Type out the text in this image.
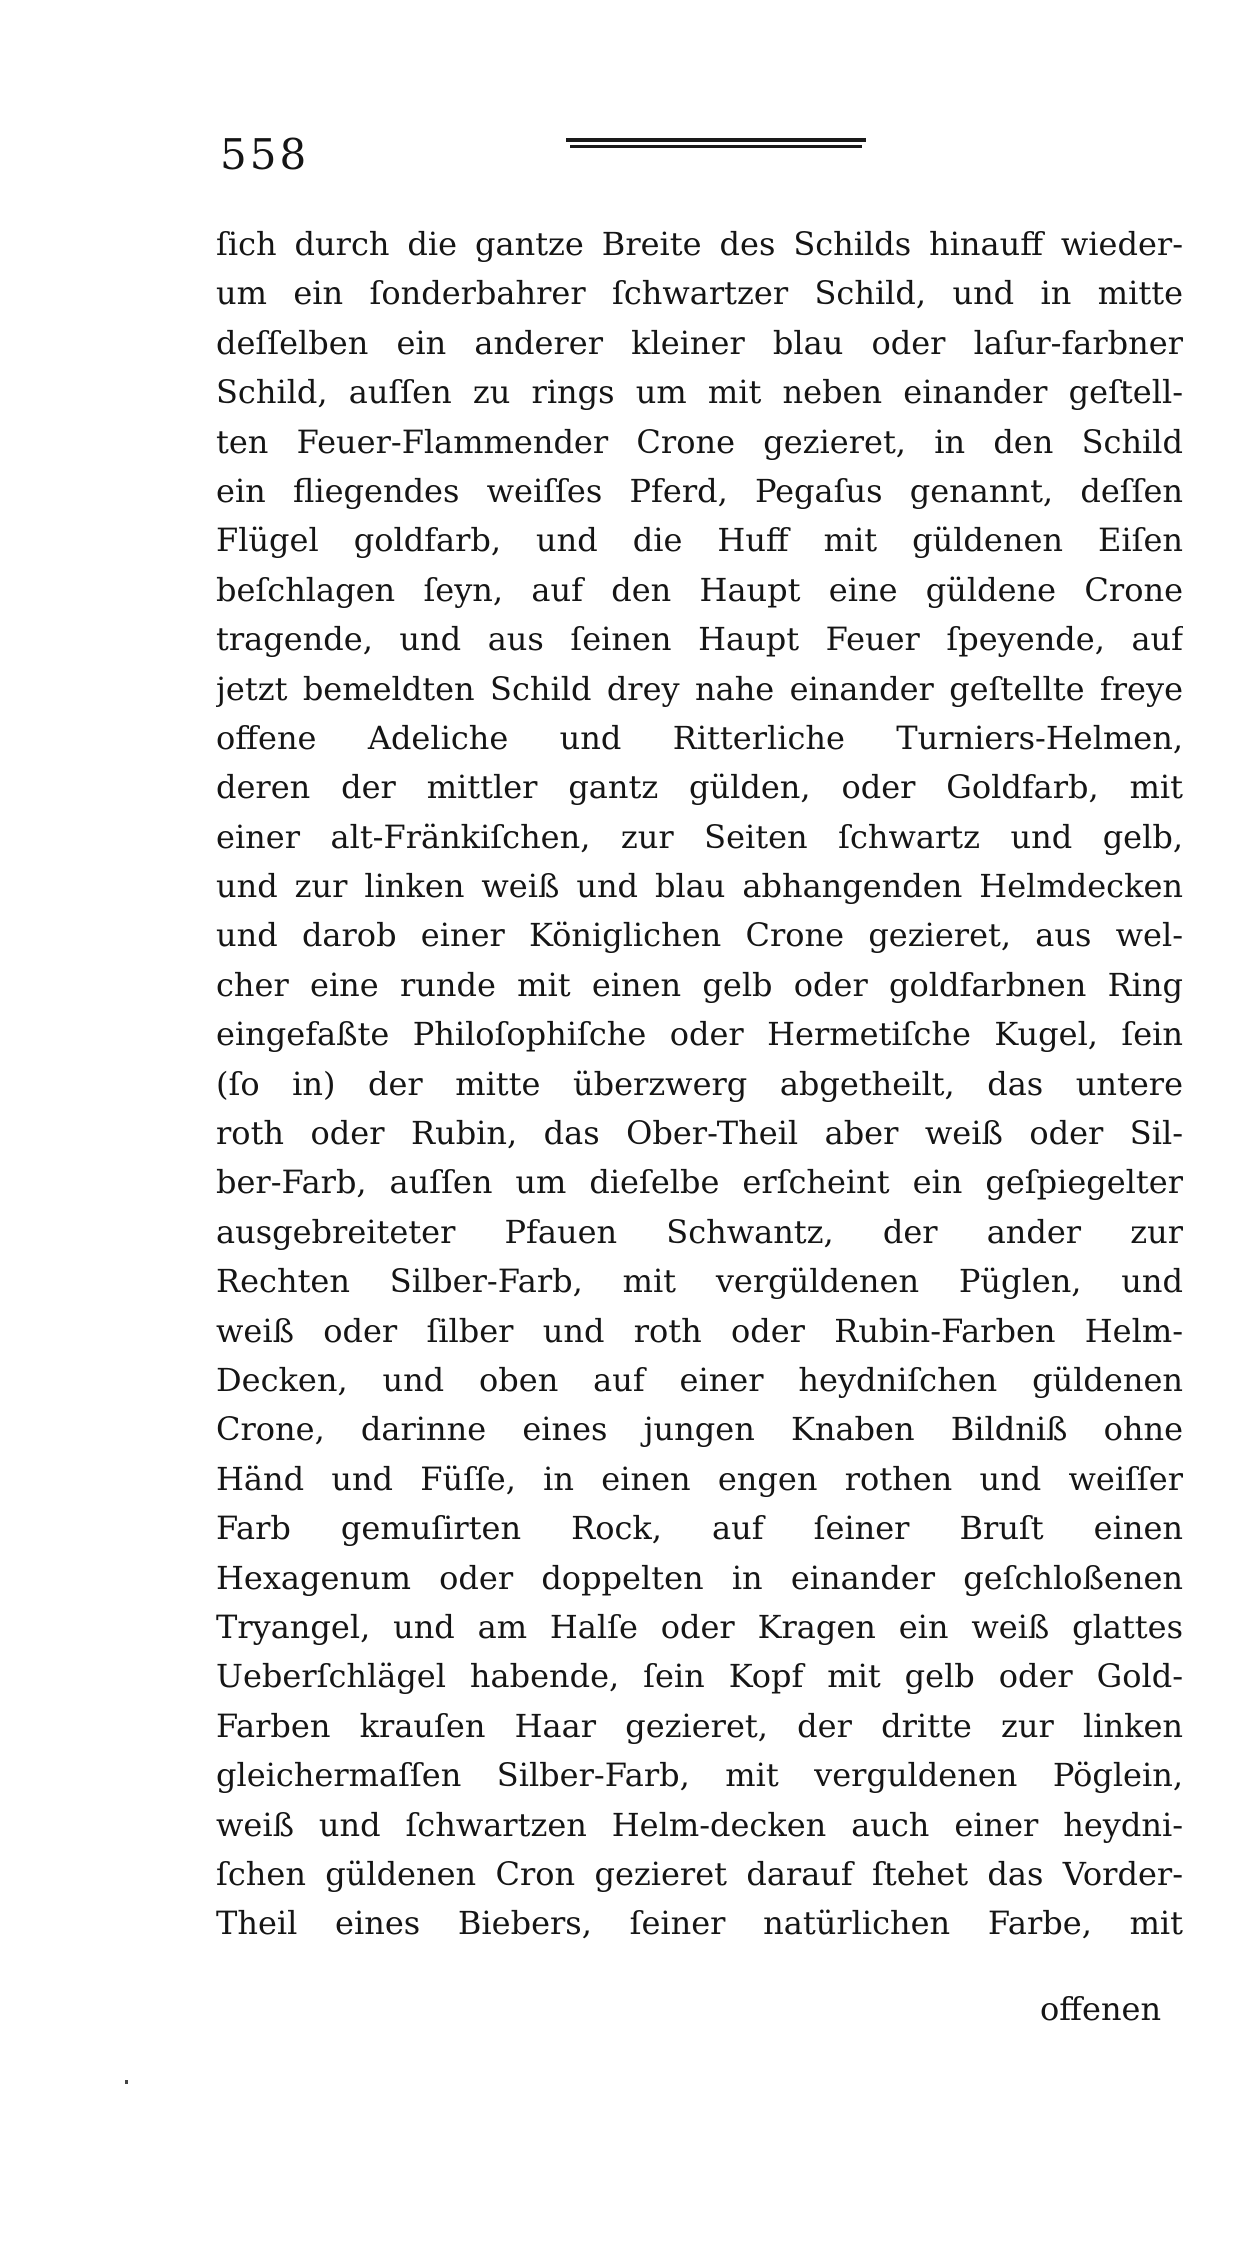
558
ſich durch die gantze Breite des Schilds hinauff wieder-
um ein ſonderbahrer ſchwartzer Schild, und in mitte
deſſelben ein anderer kleiner blau oder laſur-farbner
Schild, auſſen zu rings um mit neben einander geſtell-
ten Feuer-Flammender Crone gezieret, in den Schild
ein fliegendes weiſſes Pferd, Pegaſus genannt, deſſen
Flügel goldfarb, und die Huff mit güldenen Eiſen
beſchlagen ſeyn, auf den Haupt eine güldene Crone
tragende, und aus ſeinen Haupt Feuer ſpeyende, auf
jetzt bemeldten Schild drey nahe einander geſtellte freye
offene Adeliche und Ritterliche Turniers-Helmen,
deren der mittler gantz gülden, oder Goldfarb, mit
einer alt-Fränkiſchen, zur Seiten ſchwartz und gelb,
und zur linken weiß und blau abhangenden Helmdecken
und darob einer Königlichen Crone gezieret, aus wel-
cher eine runde mit einen gelb oder goldfarbnen Ring
eingefaßte Philoſophiſche oder Hermetiſche Kugel, ſein
(ſo in) der mitte überzwerg abgetheilt, das untere
roth oder Rubin, das Ober-Theil aber weiß oder Sil-
ber-Farb, auſſen um dieſelbe erſcheint ein geſpiegelter
ausgebreiteter Pfauen Schwantz, der ander zur
Rechten Silber-Farb, mit vergüldenen Püglen, und
weiß oder ſilber und roth oder Rubin-Farben Helm-
Decken, und oben auf einer heydniſchen güldenen
Crone, darinne eines jungen Knaben Bildniß ohne
Händ und Füſſe, in einen engen rothen und weiſſer
Farb gemuſirten Rock, auf ſeiner Bruſt einen
Hexagenum oder doppelten in einander geſchloßenen
Tryangel, und am Halſe oder Kragen ein weiß glattes
Ueberſchlägel habende, ſein Kopf mit gelb oder Gold-
Farben krauſen Haar gezieret, der dritte zur linken
gleichermaſſen Silber-Farb, mit verguldenen Pöglein,
weiß und ſchwartzen Helm-decken auch einer heydni-
ſchen güldenen Cron gezieret darauf ſtehet das Vorder-
Theil eines Biebers, ſeiner natürlichen Farbe, mit
offenen
